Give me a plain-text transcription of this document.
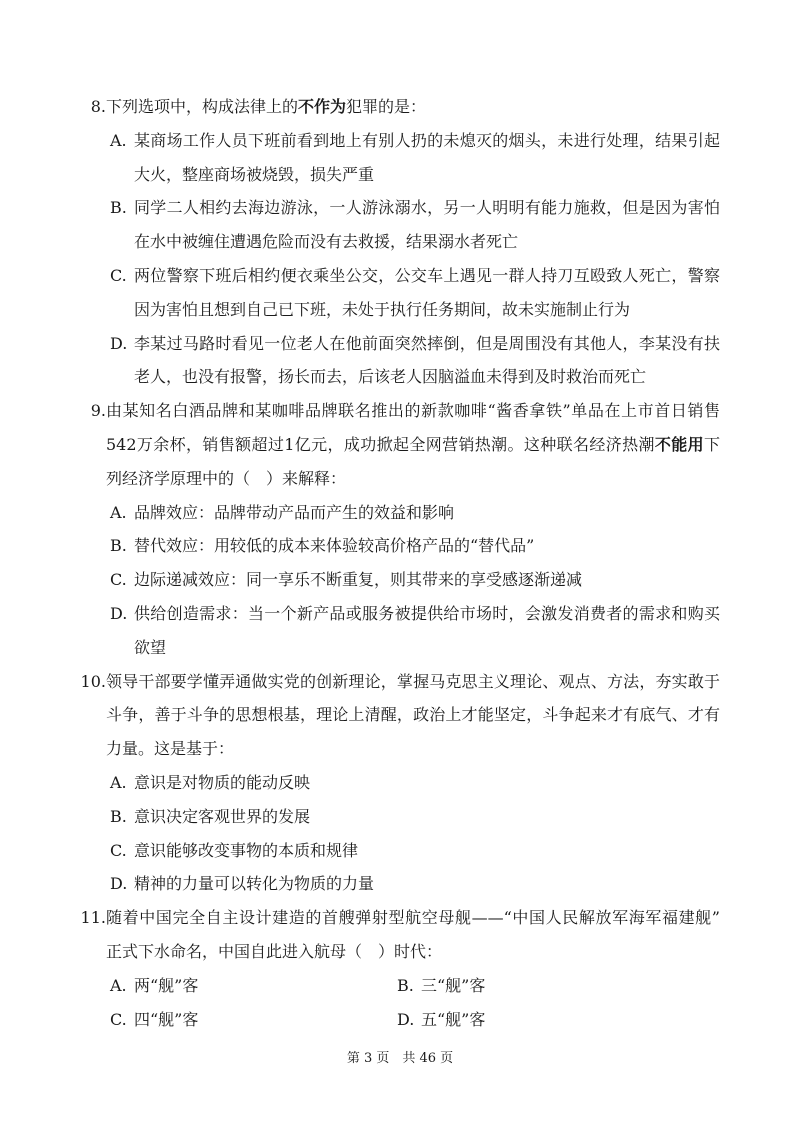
8. 下列选项中，构成法律上的不作为犯罪的是：
A. 某商场工作人员下班前看到地上有别人扔的未熄灭的烟头，未进行处理，结果引起
大火，整座商场被烧毁，损失严重
B. 同学二人相约去海边游泳，一人游泳溺水，另一人明明有能力施救，但是因为害怕
在水中被缠住遭遇危险而没有去救援，结果溺水者死亡
C. 两位警察下班后相约便衣乘坐公交，公交车上遇见一群人持刀互殴致人死亡，警察
因为害怕且想到自己已下班，未处于执行任务期间，故未实施制止行为
D. 李某过马路时看见一位老人在他前面突然摔倒，但是周围没有其他人，李某没有扶
老人，也没有报警，扬长而去，后该老人因脑溢血未得到及时救治而死亡
9. 由某知名白酒品牌和某咖啡品牌联名推出的新款咖啡“酱香拿铁”单品在上市首日销售
542万余杯，销售额超过1亿元，成功掀起全网营销热潮。这种联名经济热潮不能用下
列经济学原理中的（　）来解释：
A. 品牌效应：品牌带动产品而产生的效益和影响
B. 替代效应：用较低的成本来体验较高价格产品的“替代品”
C. 边际递减效应：同一享乐不断重复，则其带来的享受感逐渐递减
D. 供给创造需求：当一个新产品或服务被提供给市场时，会激发消费者的需求和购买
欲望
10. 领导干部要学懂弄通做实党的创新理论，掌握马克思主义理论、观点、方法，夯实敢于
斗争，善于斗争的思想根基，理论上清醒，政治上才能坚定，斗争起来才有底气、才有
力量。这是基于：
A. 意识是对物质的能动反映
B. 意识决定客观世界的发展
C. 意识能够改变事物的本质和规律
D. 精神的力量可以转化为物质的力量
11. 随着中国完全自主设计建造的首艘弹射型航空母舰——“中国人民解放军海军福建舰”
正式下水命名，中国自此进入航母（　）时代：
A. 两“舰”客	B. 三“舰”客
C. 四“舰”客	D. 五“舰”客
第 3 页　共 46 页
